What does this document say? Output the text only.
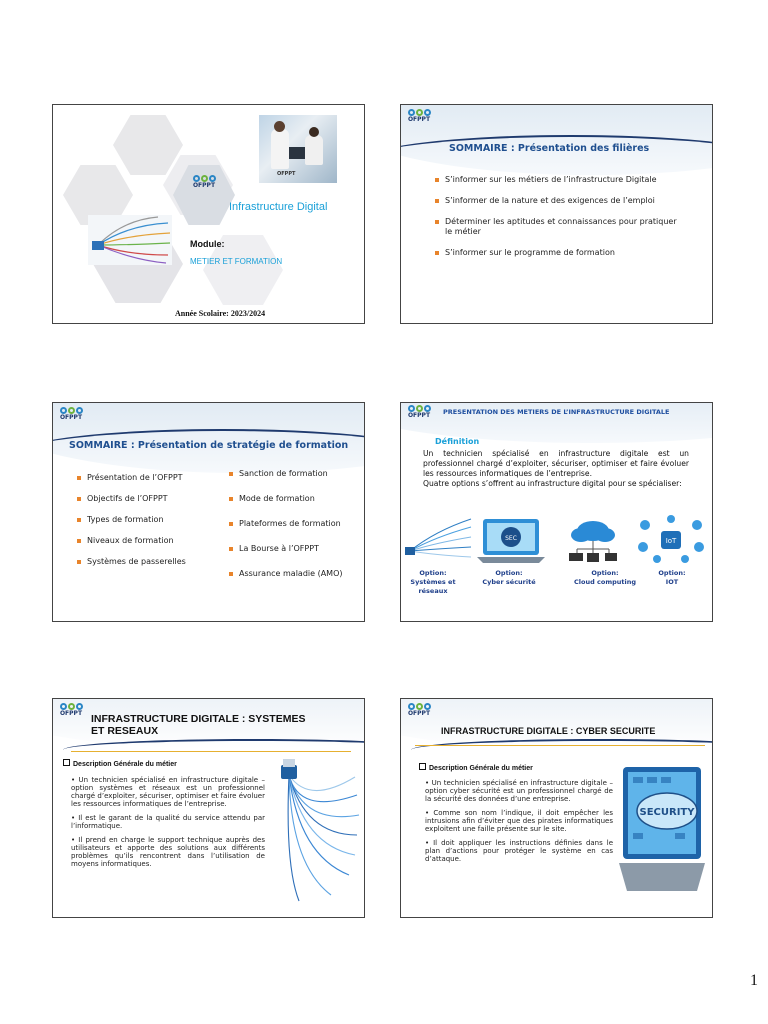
OFPPT
OFPPT
Infrastructure Digital
Module:
METIER ET FORMATION
Année Scolaire: 2023/2024
OFPPT
SOMMAIRE : Présentation des filières
S’informer sur les métiers de l’infrastructure Digitale
S’informer de la nature et des exigences de l’emploi
Déterminer les aptitudes et connaissances pour pratiquer le métier
S’informer sur le programme de formation
OFPPT
SOMMAIRE : Présentation de stratégie de formation
Présentation de l’OFPPT
Objectifs de l’OFPPT
Types de formation
Niveaux de formation
Systèmes de passerelles
Sanction de formation
Mode de formation
Plateformes de formation
La Bourse à l’OFPPT
Assurance maladie (AMO)
OFPPT	PRESENTATION DES METIERS DE L’INFRASTRUCTURE DIGITALE
Définition
Un technicien spécialisé en infrastructure digitale est un professionnel chargé d’exploiter, sécuriser, optimiser et faire évoluer les ressources informatiques de l’entreprise.
Quatre options s’offrent au infrastructure digital pour se spécialiser:
SEC	IoT
Option:
Systèmes et réseaux
Option:
Cyber sécurité
Option:
Cloud computing
Option:
IOT
OFPPT INFRASTRUCTURE DIGITALE : SYSTEMES
ET RESEAUX
Description Générale du métier

• Un technicien spécialisé en infrastructure digitale – option systèmes et réseaux est un professionnel chargé d’exploiter, sécuriser, optimiser et faire évoluer les ressources informatiques de l’entreprise.

• Il est le garant de la qualité du service attendu par l’informatique.

• Il prend en charge le support technique auprès des utilisateurs et apporte des solutions aux différents problèmes qu’ils rencontrent dans l’utilisation de moyens informatiques.

OFPPT
INFRASTRUCTURE DIGITALE : CYBER SECURITE
Description Générale du métier

• Un technicien spécialisé en infrastructure digitale – option cyber sécurité est un professionnel chargé de la sécurité des données d’une entreprise.

• Comme son nom l’indique, il doit empêcher les intrusions afin d’éviter que des pirates informatiques exploitent une faille présente sur le site.

• Il doit appliquer les instructions définies dans le plan d’actions pour protéger le système en cas d’attaque.

SECURITY
1
